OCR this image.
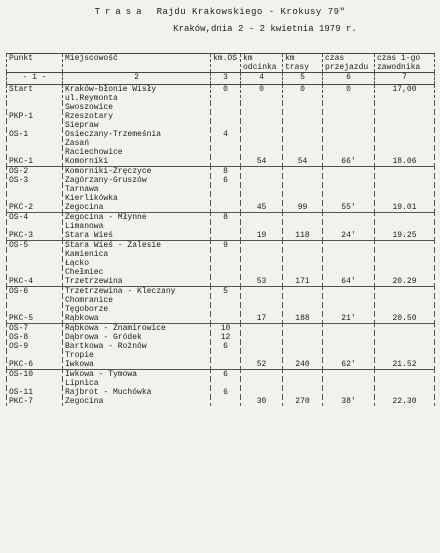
Trasa Rajdu Krakowskiego - Krokusy 79"
Kraków,dnia 2 - 2 kwietnia 1979 r.
Punkt	Miejscowość	km.OS	km odcinka	km trasy	czas przejazdu	czas 1-go zawodnika
- 1 -	2	3	4	5	6	7
Start	Kraków-błonie Wisły ul.Reymonta	0	0	0	0	17,00
	Swoszowice					
PKP-1	Rzeszotary					
	Siepraw					
OS-1	Osieczany-Trzemeśnia	4				
	Zasań					
	Raciechowice					
PKC-1	Komorniki		54	54	66'	18.06
OS-2	Komorniki-Zręczyce	8				
OS-3	Zagórzany-Gruszów	6				
	Tarnawa					
	Kierlikówka					
PKC-2	Żegocina		45	99	55'	19.01
OS-4	Żegocina - Młynne	8				
	Limanowa					
PKC-3	Stara Wieś		19	118	24'	19.25
OS-5	Stara Wieś - Zalesie	9				
	Kamienica					
	Łącko					
	Chełmiec					
PKC-4	Trzetrzewina		53	171	64'	20.29
OS-6	Trzetrzewina - Kleczany	5				
	Chomranice					
	Tęgoborze					
PKC-5	Rąbkowa		17	188	21'	20.50
OS-7	Rąbkowa - Znamirowice	10				
OS-8	Dąbrowa - Gródek	12				
OS-9	Bartkowa - Rożnów	6				
	Tropie					
PKC-6	Iwkowa		52	240	62'	21.52
OS-10	Iwkowa - Tymowa	6				
	Lipnica					
OS-11	Rajbrot - Muchówka	6				
PKC-7	Żegocina		30	270	38'	22.30
